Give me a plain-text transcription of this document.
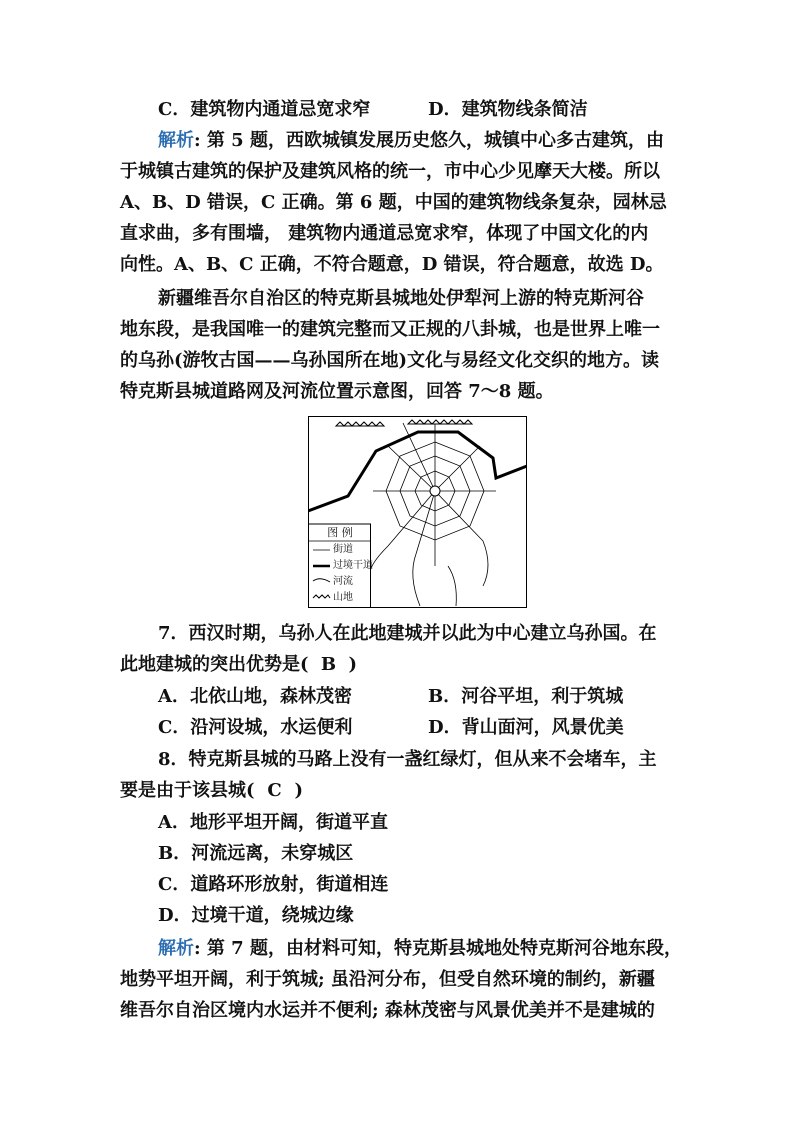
C．建筑物内通道忌宽求窄	D．建筑物线条简洁
解析: 第 5 题，西欧城镇发展历史悠久，城镇中心多古建筑，由
于城镇古建筑的保护及建筑风格的统一，市中心少见摩天大楼。所以
A、B、D 错误，C 正确。第 6 题，中国的建筑物线条复杂，园林忌
直求曲，多有围墙， 建筑物内通道忌宽求窄，体现了中国文化的内
向性。A、B、C 正确，不符合题意，D 错误，符合题意，故选 D。
新疆维吾尔自治区的特克斯县城地处伊犁河上游的特克斯河谷
地东段，是我国唯一的建筑完整而又正规的八卦城，也是世界上唯一
的乌孙(游牧古国——乌孙国所在地)文化与易经文化交织的地方。读
特克斯县城道路网及河流位置示意图，回答 7～8 题。
图 例
街道
过境干道
河流
山地
7．西汉时期，乌孙人在此地建城并以此为中心建立乌孙国。在
此地建城的突出优势是( B )
A．北依山地，森林茂密	B．河谷平坦，利于筑城
C．沿河设城，水运便利	D．背山面河，风景优美
8．特克斯县城的马路上没有一盏红绿灯，但从来不会堵车，主
要是由于该县城( C )
A．地形平坦开阔，街道平直
B．河流远离，未穿城区
C．道路环形放射，街道相连
D．过境干道，绕城边缘
解析: 第 7 题，由材料可知，特克斯县城地处特克斯河谷地东段，
地势平坦开阔，利于筑城; 虽沿河分布，但受自然环境的制约，新疆
维吾尔自治区境内水运并不便利; 森林茂密与风景优美并不是建城的
